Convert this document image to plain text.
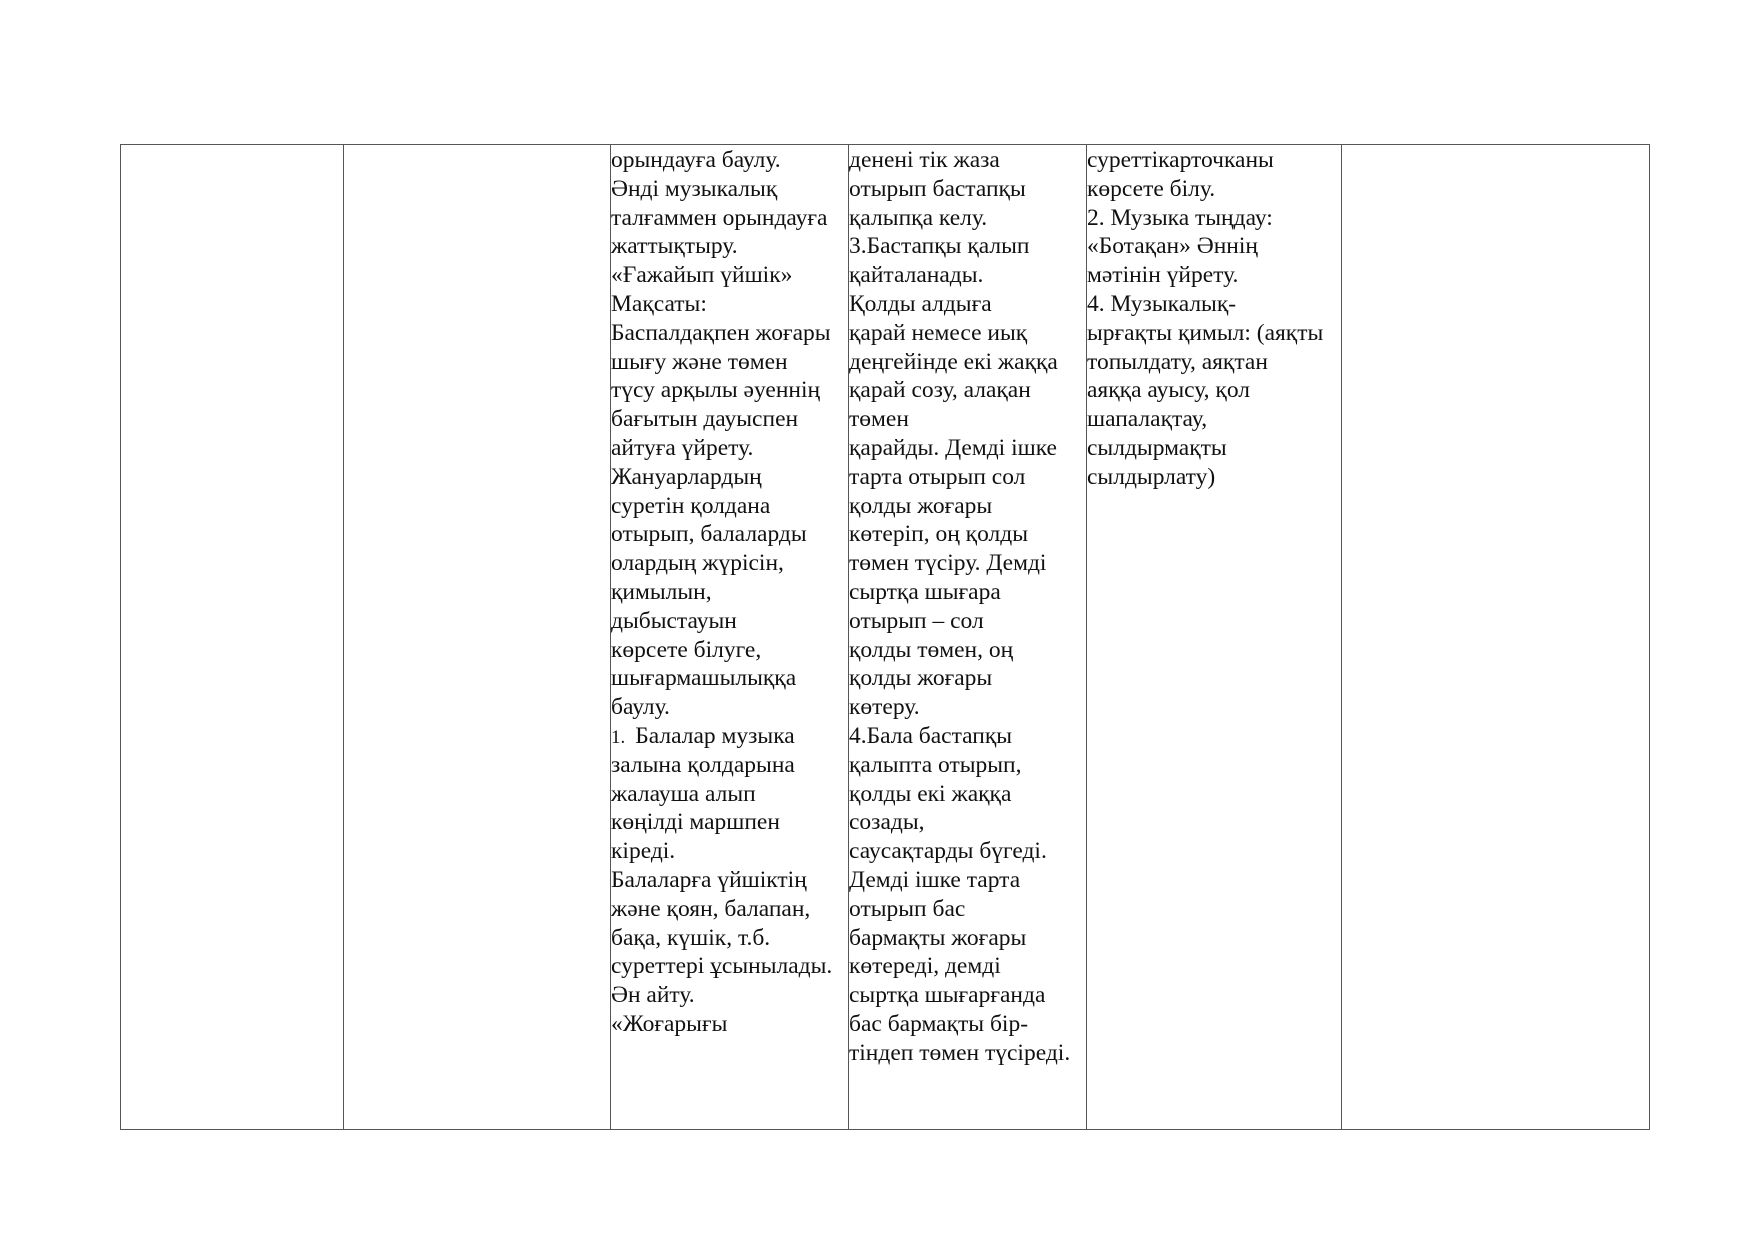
орындауға баулу.
Әнді музыкалық
талғаммен орындауға
жаттықтыру.
«Ғажайып үйшік»
Мақсаты:
Баспалдақпен жоғары
шығу және төмен
түсу арқылы әуеннің
бағытын дауыспен
айтуға үйрету.
Жануарлардың
суретін қолдана
отырып, балаларды
олардың жүрісін,
қимылын,
дыбыстауын
көрсете білуге,
шығармашылыққа
баулу.
1. Балалар музыка
залына қолдарына
жалауша алып
көңілді маршпен
кіреді.
Балаларға үйшіктің
және қоян, балапан,
бақа, күшік, т.б.
суреттері ұсынылады.
Ән айту.
«Жоғарығы

денені тік жаза
отырып бастапқы
қалыпқа келу.
3.Бастапқы қалып
қайталанады.
Қолды алдыға
қарай немесе иық
деңгейінде екі жаққа
қарай созу, алақан
төмен
қарайды. Демді ішке
тарта отырып сол
қолды жоғары
көтеріп, оң қолды
төмен түсіру. Демді
сыртқа шығара
отырып – сол
қолды төмен, оң
қолды жоғары
көтеру.
4.Бала бастапқы
қалыпта отырып,
қолды екі жаққа
созады,
саусақтарды бүгеді.
Демді ішке тарта
отырып бас
бармақты жоғары
көтереді, демді
сыртқа шығарғанда
бас бармақты бір-
тіндеп төмен түсіреді.

суреттікарточканы
көрсете білу.
2. Музыка тыңдау:
«Ботақан» Әннің
мәтінін үйрету.
4. Музыкалық-
ырғақты қимыл: (аяқты
топылдату, аяқтан
аяққа ауысу, қол
шапалақтау,
сылдырмақты
сылдырлату)
